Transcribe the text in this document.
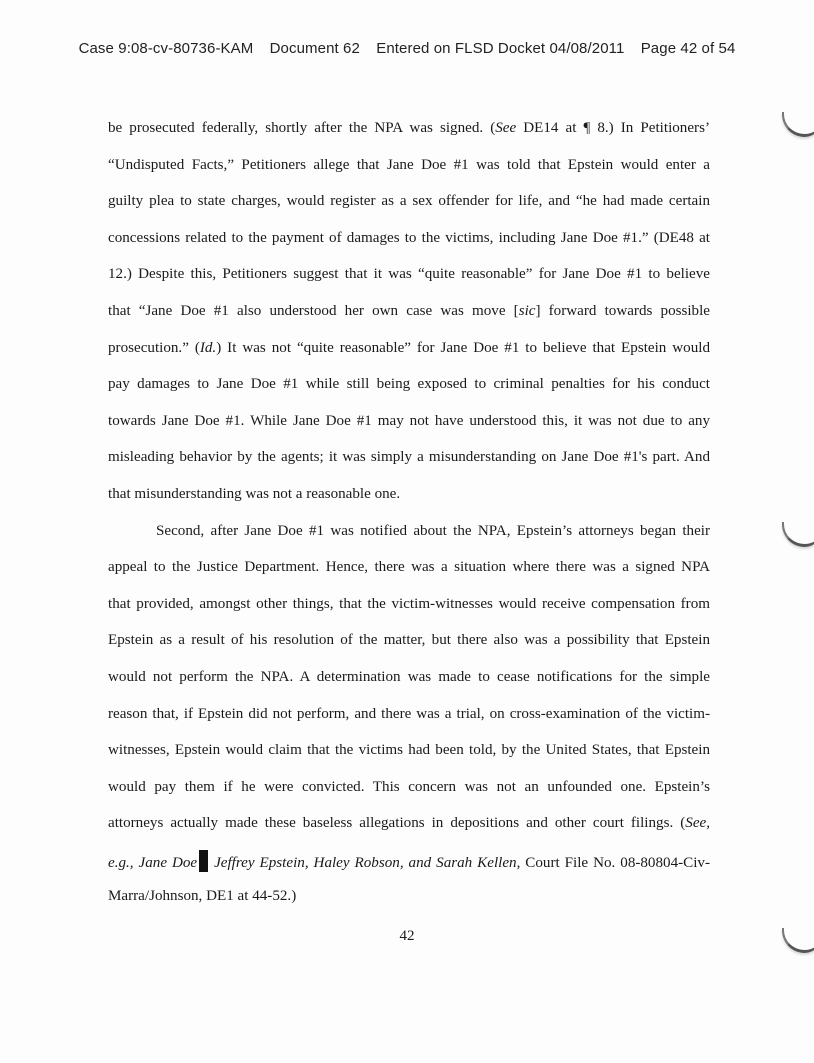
Case 9:08-cv-80736-KAM Document 62 Entered on FLSD Docket 04/08/2011 Page 42 of 54
be prosecuted federally, shortly after the NPA was signed. (See DE14 at ¶ 8.) In Petitioners’
“Undisputed Facts,” Petitioners allege that Jane Doe #1 was told that Epstein would enter a
guilty plea to state charges, would register as a sex offender for life, and “he had made certain
concessions related to the payment of damages to the victims, including Jane Doe #1.” (DE48 at
12.) Despite this, Petitioners suggest that it was “quite reasonable” for Jane Doe #1 to believe
that “Jane Doe #1 also understood her own case was move [sic] forward towards possible
prosecution.” (Id.) It was not “quite reasonable” for Jane Doe #1 to believe that Epstein would
pay damages to Jane Doe #1 while still being exposed to criminal penalties for his conduct
towards Jane Doe #1. While Jane Doe #1 may not have understood this, it was not due to any
misleading behavior by the agents; it was simply a misunderstanding on Jane Doe #1's part. And
that misunderstanding was not a reasonable one.
Second, after Jane Doe #1 was notified about the NPA, Epstein’s attorneys began their
appeal to the Justice Department. Hence, there was a situation where there was a signed NPA
that provided, amongst other things, that the victim-witnesses would receive compensation from
Epstein as a result of his resolution of the matter, but there also was a possibility that Epstein
would not perform the NPA. A determination was made to cease notifications for the simple
reason that, if Epstein did not perform, and there was a trial, on cross-examination of the victim-
witnesses, Epstein would claim that the victims had been told, by the United States, that Epstein
would pay them if he were convicted. This concern was not an unfounded one. Epstein’s
attorneys actually made these baseless allegations in depositions and other court filings. (See,
e.g., Jane Doe Jeffrey Epstein, Haley Robson, and Sarah Kellen, Court File No. 08-80804-Civ-
Marra/Johnson, DE1 at 44-52.)
42
